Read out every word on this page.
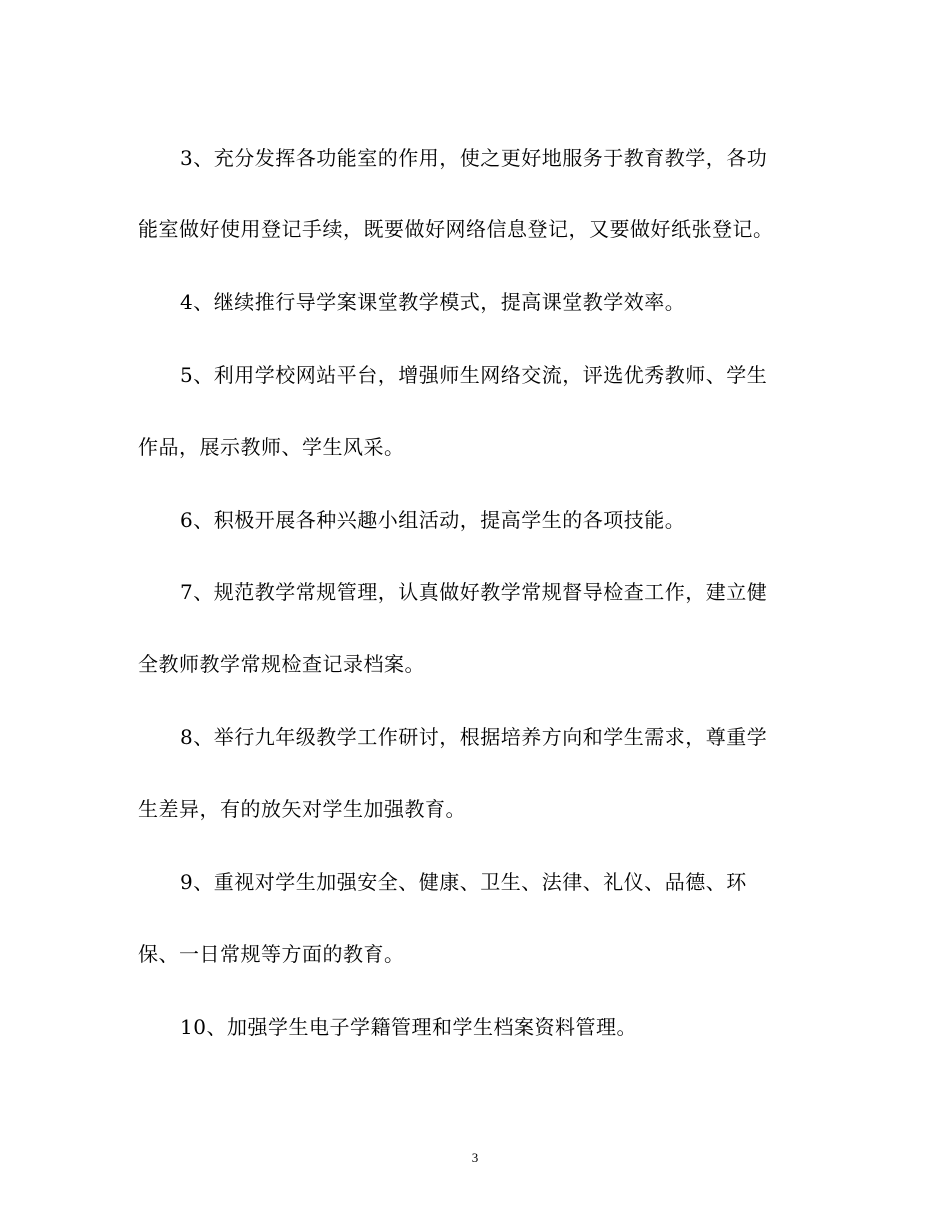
3、充分发挥各功能室的作用，使之更好地服务于教育教学，各功
能室做好使用登记手续，既要做好网络信息登记，又要做好纸张登记。
4、继续推行导学案课堂教学模式，提高课堂教学效率。
5、利用学校网站平台，增强师生网络交流，评选优秀教师、学生
作品，展示教师、学生风采。
6、积极开展各种兴趣小组活动，提高学生的各项技能。
7、规范教学常规管理，认真做好教学常规督导检查工作，建立健
全教师教学常规检查记录档案。
8、举行九年级教学工作研讨，根据培养方向和学生需求，尊重学
生差异，有的放矢对学生加强教育。
9、重视对学生加强安全、健康、卫生、法律、礼仪、品德、环
保、一日常规等方面的教育。
10、加强学生电子学籍管理和学生档案资料管理。
3
